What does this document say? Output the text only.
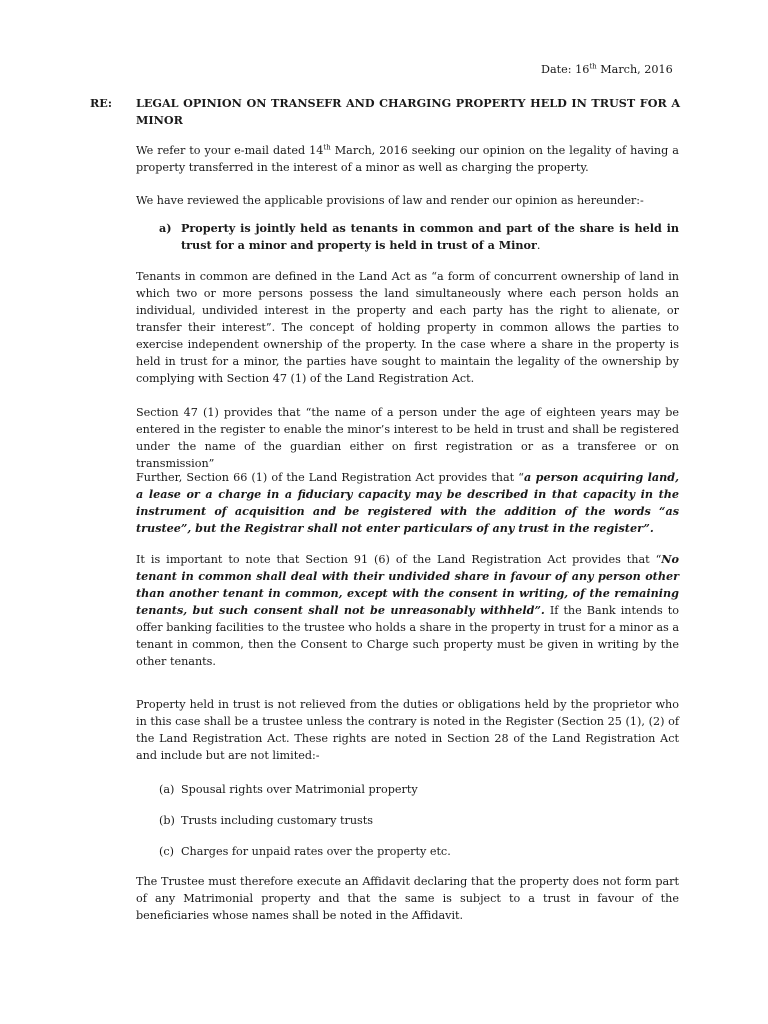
Date: 16th March, 2016
RE: LEGAL OPINION ON TRANSEFR AND CHARGING PROPERTY HELD IN TRUST FOR A MINOR

We refer to your e-mail dated 14th March, 2016 seeking our opinion on the legality of having a property transferred in the interest of a minor as well as charging the property.

We have reviewed the applicable provisions of law and render our opinion as hereunder:-

a) Property is jointly held as tenants in common and part of the share is held in trust for a minor and property is held in trust of a Minor.

Tenants in common are defined in the Land Act as “a form of concurrent ownership of land in which two or more persons possess the land simultaneously where each person holds an individual, undivided interest in the property and each party has the right to alienate, or transfer their interest”. The concept of holding property in common allows the parties to exercise independent ownership of the property. In the case where a share in the property is held in trust for a minor, the parties have sought to maintain the legality of the ownership by complying with Section 47 (1) of the Land Registration Act.

Section 47 (1) provides that “the name of a person under the age of eighteen years may be entered in the register to enable the minor’s interest to be held in trust and shall be registered under the name of the guardian either on first registration or as a transferee or on transmission”

Further, Section 66 (1) of the Land Registration Act provides that “a person acquiring land, a lease or a charge in a fiduciary capacity may be described in that capacity in the instrument of acquisition and be registered with the addition of the words “as trustee”, but the Registrar shall not enter particulars of any trust in the register”.

It is important to note that Section 91 (6) of the Land Registration Act provides that “No tenant in common shall deal with their undivided share in favour of any person other than another tenant in common, except with the consent in writing, of the remaining tenants, but such consent shall not be unreasonably withheld”. If the Bank intends to offer banking facilities to the trustee who holds a share in the property in trust for a minor as a tenant in common, then the Consent to Charge such property must be given in writing by the other tenants.

Property held in trust is not relieved from the duties or obligations held by the proprietor who in this case shall be a trustee unless the contrary is noted in the Register (Section 25 (1), (2) of the Land Registration Act. These rights are noted in Section 28 of the Land Registration Act and include but are not limited:-

(a) Spousal rights over Matrimonial property
(b) Trusts including customary trusts
(c) Charges for unpaid rates over the property etc.

The Trustee must therefore execute an Affidavit declaring that the property does not form part of any Matrimonial property and that the same is subject to a trust in favour of the beneficiaries whose names shall be noted in the Affidavit.
